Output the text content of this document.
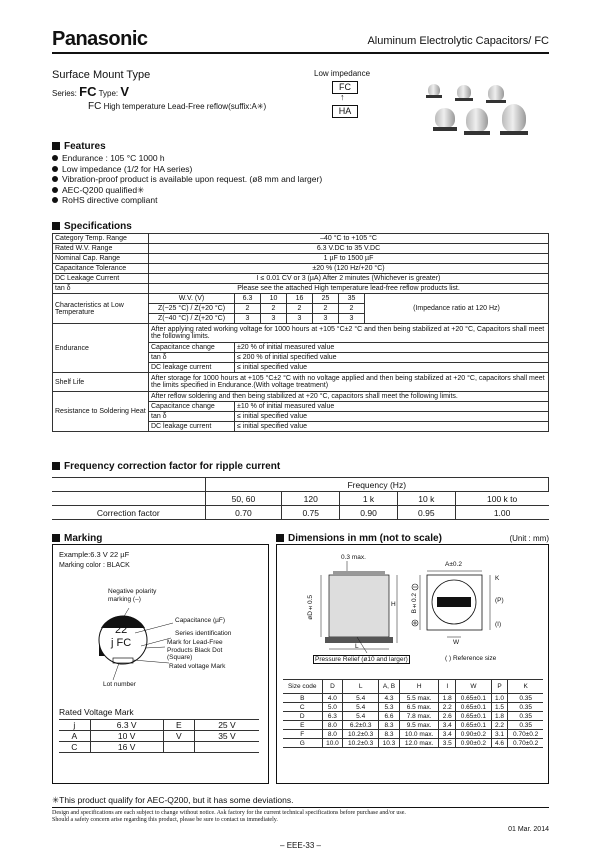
Panasonic	Aluminum Electrolytic Capacitors/ FC
Surface Mount Type
Series: FC Type: V
FC High temperature Lead-Free reflow(suffix:A✳)
Low impedance
FC
↑
HA
Features
Endurance : 105 °C 1000 h
Low impedance (1/2 for HA series)
Vibration-proof product is available upon request. (ø8 mm and larger)
AEC-Q200 qualified✳
RoHS directive compliant
Specifications
Category Temp. Range	–40 °C to +105 °C						
Rated W.V. Range	6.3 V.DC to 35 V.DC						
Nominal Cap. Range	1 µF to 1500 µF						
Capacitance Tolerance	±20 % (120 Hz/+20 °C)						
DC Leakage Current	I ≤ 0.01 CV or 3 (µA) After 2 minutes (Whichever is greater)						
tan δ	Please see the attached High temperature lead-free reflow products list.						
Characteristics at Low Temperature	W.V. (V)	6.3	10	16	25	35	(Impedance ratio at 120 Hz)
	Z(−25 °C) / Z(+20 °C)	2	2	2	2	2	
	Z(−40 °C) / Z(+20 °C)	3	3	3	3	3	
Endurance	After applying rated working voltage for 1000 hours at +105 °C±2 °C and then being stabilized at +20 °C, Capacitors shall meet the following limits.						
	Capacitance change	±20 % of initial measured value					
	tan δ	≤ 200 % of initial specified value					
	DC leakage current	≤ initial specified value					
Shelf Life	After storage for 1000 hours at +105 °C±2 °C with no voltage applied and then being stabilized at +20 °C, capacitors shall meet the limits specified in Endurance.(With voltage treatment)						
Resistance to Soldering Heat	After reflow soldering and then being stabilized at +20 °C, capacitors shall meet the following limits.						
	Capacitance change	±10 % of initial measured value					
	tan δ	≤ initial specified value					
	DC leakage current	≤ initial specified value					
Frequency correction factor for ripple current
	Frequency (Hz)				
	50, 60	120	1 k	10 k	100 k to
Correction factor	0.70	0.75	0.90	0.95	1.00
Marking
Example:6.3 V 22 µF
Marking color : BLACK
Negative polarity marking (–)
22
j FC
Capacitance (µF)
Series identification
Mark for Lead-Free Products Black Dot (Square)
Rated voltage Mark
Lot number
Rated Voltage Mark
j	6.3 V	E	25 V
A	10 V	V	35 V
C	16 V		
Dimensions in mm (not to scale)	(Unit : mm)
0.3 max.
A±0.2
øD±0.5	H B±0.2
L
W
(P)
K
(I)
Pressure Relief (ø10 and larger)	( ) Reference size
Size code	D	L	A, B	H	I	W	P	K
B	4.0	5.4	4.3	5.5 max.	1.8	0.65±0.1	1.0	0.35
C	5.0	5.4	5.3	6.5 max.	2.2	0.65±0.1	1.5	0.35
D	6.3	5.4	6.6	7.8 max.	2.6	0.65±0.1	1.8	0.35
E	8.0	6.2±0.3	8.3	9.5 max.	3.4	0.65±0.1	2.2	0.35
F	8.0	10.2±0.3	8.3	10.0 max.	3.4	0.90±0.2	3.1	0.70±0.2
G	10.0	10.2±0.3	10.3	12.0 max.	3.5	0.90±0.2	4.6	0.70±0.2
✳This product qualify for AEC-Q200, but it has some deviations.
Design and specifications are each subject to change without notice. Ask factory for the current technical specifications before purchase and/or use.
Should a safety concern arise regarding this product, please be sure to contact us immediately.
01 Mar. 2014
– EEE-33 –
